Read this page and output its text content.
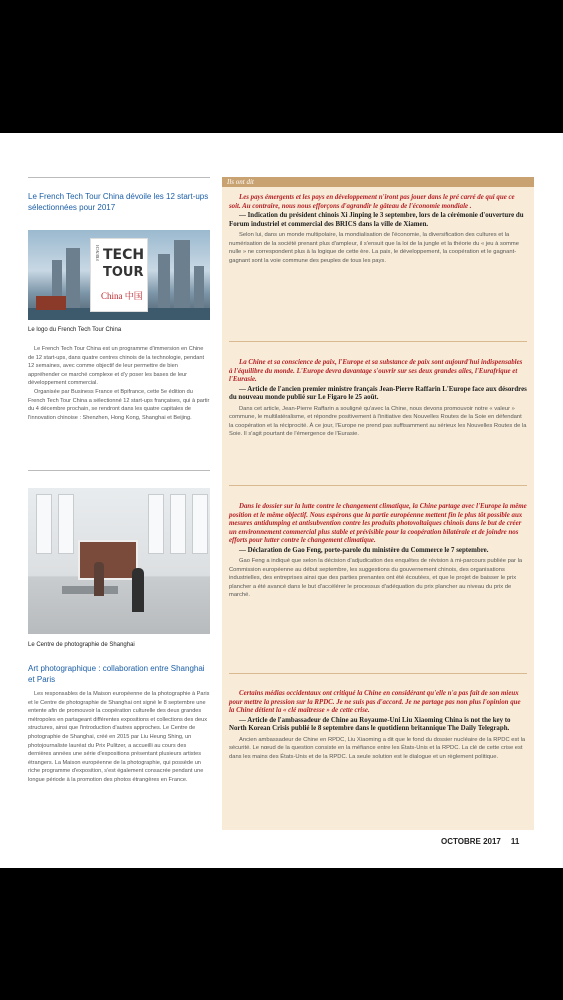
Le French Tech Tour China dévoile les 12 start-ups sélectionnées pour 2017
FRENCH TECH
TOUR
China 中国
Le logo du French Tech Tour China

Le French Tech Tour China est un programme d'immersion en Chine de 12 start-ups, dans quatre centres chinois de la technologie, pendant 12 semaines, avec comme objectif de leur permettre de bien appréhender ce marché complexe et d'y poser les bases de leur développement commercial.

Organisée par Business France et Bpifrance, cette 5e édition du French Tech Tour China a sélectionné 12 start-ups françaises, qui à partir du 4 décembre prochain, se rendront dans les quatre capitales de l'innovation chinoise : Shenzhen, Hong Kong, Shanghai et Beijing.

Le Centre de photographie de Shanghai
Art photographique : collaboration entre Shanghai et Paris

Les responsables de la Maison européenne de la photographie à Paris et le Centre de photographie de Shanghai ont signé le 8 septembre une entente afin de promouvoir la coopération culturelle des deux grandes métropoles en partageant différentes expositions et collections des deux structures, ainsi que l'introduction d'autres approches. Le Centre de photographie de Shanghai, créé en 2015 par Liu Heung Shing, un photojournaliste lauréat du Prix Pulitzer, a accueilli au cours des dernières années une série d'expositions présentant plusieurs artistes étrangers. La Maison européenne de la photographie, qui possède un riche programme d'exposition, s'est également consacrée pendant une longue période à la promotion des photos étrangères en France.

Ils ont dit

Les pays émergents et les pays en développement n'iront pas jouer dans le pré carré de qui que ce soit. Au contraire, nous nous efforçons d'agrandir le gâteau de l'économie mondiale .

— Indication du président chinois Xi Jinping le 3 septembre, lors de la cérémonie d'ouverture du Forum industriel et commercial des BRICS dans la ville de Xiamen.

Selon lui, dans un monde multipolaire, la mondialisation de l'économie, la diversification des cultures et la numérisation de la société prenant plus d'ampleur, il s'ensuit que la loi de la jungle et la théorie du « jeu à somme nulle » ne correspondent plus à la logique de cette ère. La paix, le développement, la coopération et le gagnant-gagnant sont la voie commune des peuples de tous les pays.

La Chine et sa conscience de paix, l'Europe et sa substance de paix sont aujourd'hui indispensables à l'équilibre du monde. L'Europe devra davantage s'ouvrir sur ses deux grandes ailes, l'Eurafrique et l'Eurasie.

— Article de l'ancien premier ministre français Jean-Pierre Raffarin L'Europe face aux désordres du nouveau monde publié sur Le Figaro le 25 août.

Dans cet article, Jean-Pierre Raffarin a souligné qu'avec la Chine, nous devons promouvoir notre « valeur » commune, le multilatéralisme, et répondre positivement à l'initiative des Nouvelles Routes de la Soie en défendant la coopération et la réciprocité. À ce jour, l'Europe ne prend pas suffisamment au sérieux les Nouvelles Routes de la Soie. Il s'agit pourtant de l'émergence de l'Eurasie.

Dans le dossier sur la lutte contre le changement climatique, la Chine partage avec l'Europe la même position et le même objectif. Nous espérons que la partie européenne mettent fin le plus tôt possible aux mesures antidumping et antisubvention contre les produits photovoltaïques chinois dans le but de créer un environnement commercial plus stable et prévisible pour la coopération bilatérale et de joindre nos efforts pour lutter contre le changement climatique.

— Déclaration de Gao Feng, porte-parole du ministère du Commerce le 7 septembre.

Gao Feng a indiqué que selon la décision d'adjudication des enquêtes de révision à mi-parcours publiée par la Commission européenne au début septembre, les suggestions du gouvernement chinois, des organisations industrielles, des entreprises ainsi que des parties prenantes ont été écoutées, et que le projet de baisser le prix plancher a été avancé dans le but d'accélérer le processus d'adéquation du prix plancher au niveau du prix de marché.

Certains médias occidentaux ont critiqué la Chine en considérant qu'elle n'a pas fait de son mieux pour mettre la pression sur la RPDC. Je ne suis pas d'accord. Je ne partage pas non plus l'opinion que la Chine détient la « clé maîtresse » de cette crise.

— Article de l'ambassadeur de Chine au Royaume-Uni Liu Xiaoming China is not the key to North Korean Crisis publié le 8 septembre dans le quotidienn britannique The Daily Telegraph.

Ancien ambassadeur de Chine en RPDC, Liu Xiaoming a dit que le fond du dossier nucléaire de la RPDC est la sécurité. Le nœud de la question consiste en la méfiance entre les États-Unis et la RPDC. La clé de cette crise est dans les mains des États-Unis et de la RPDC. La seule solution est le dialogue et un règlement politique.

OCTOBRE 2017 11
